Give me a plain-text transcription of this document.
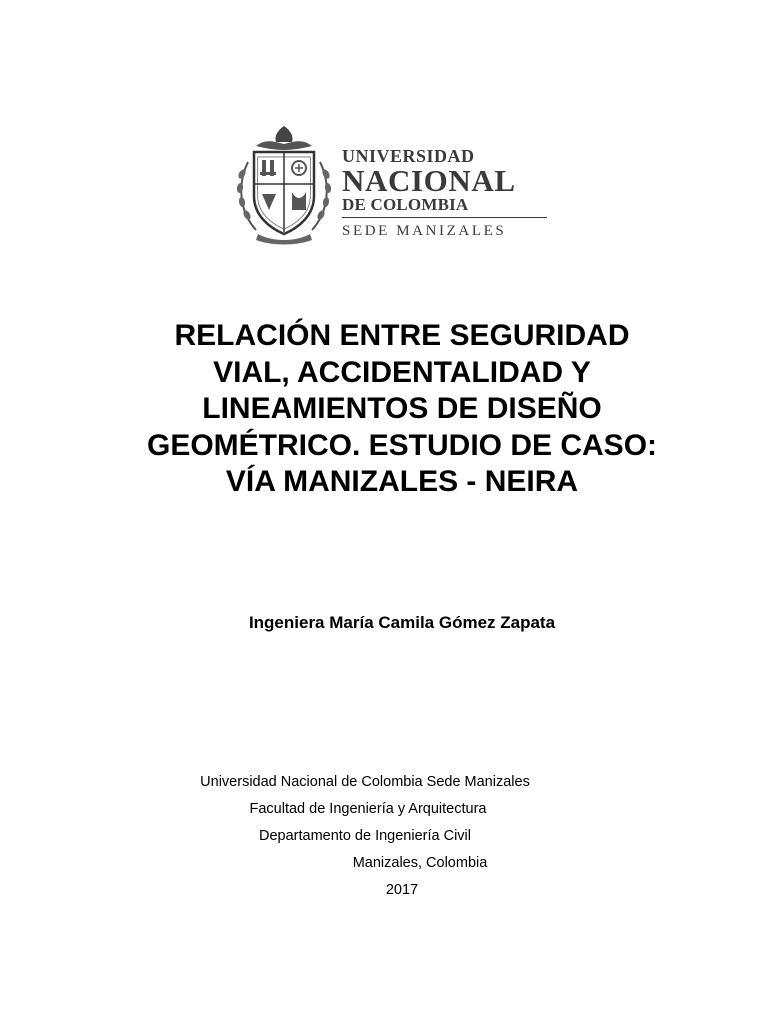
UNIVERSIDAD
NACIONAL
DE COLOMBIA
SEDE MANIZALES
RELACIÓN ENTRE SEGURIDAD
VIAL, ACCIDENTALIDAD Y
LINEAMIENTOS DE DISEÑO
GEOMÉTRICO. ESTUDIO DE CASO:
VÍA MANIZALES - NEIRA
Ingeniera María Camila Gómez Zapata
Universidad Nacional de Colombia Sede Manizales
Facultad de Ingeniería y Arquitectura
Departamento de Ingeniería Civil
Manizales, Colombia
2017
